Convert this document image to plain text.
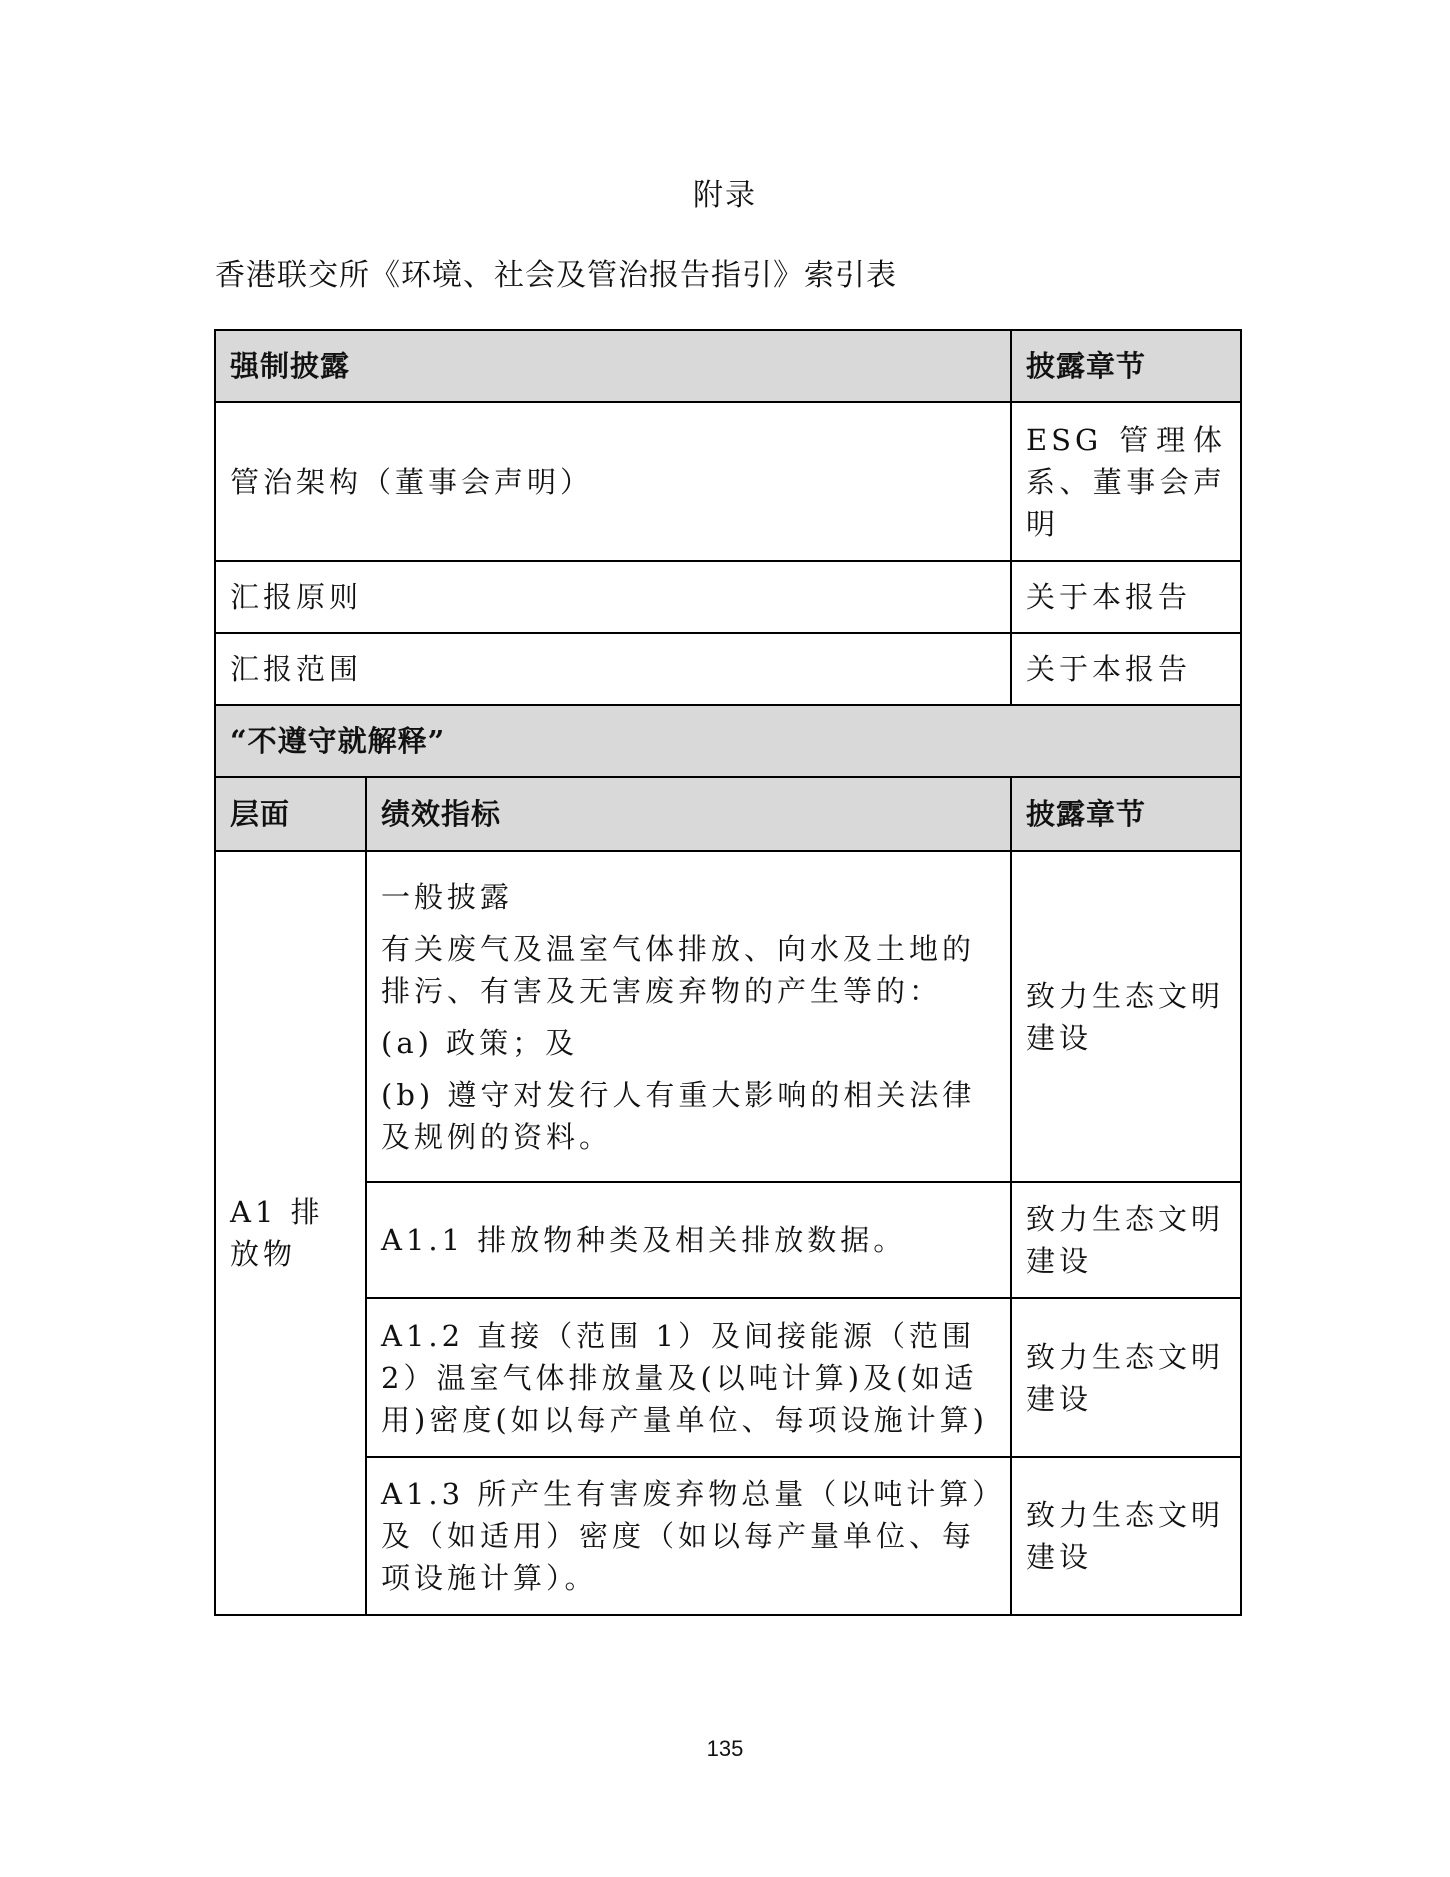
附录
香港联交所《环境、社会及管治报告指引》索引表
强制披露		披露章节
管治架构（董事会声明）		ESG 管理体系、董事会声明
汇报原则		关于本报告
汇报范围		关于本报告
“不遵守就解释”		
层面	绩效指标	披露章节
A1 排放物	一般披露
有关废气及温室气体排放、向水及土地的排污、有害及无害废弃物的产生等的：
(a) 政策；及
(b) 遵守对发行人有重大影响的相关法律及规例的资料。	致力生态文明建设
	A1.1 排放物种类及相关排放数据。	致力生态文明建设
	A1.2 直接（范围 1）及间接能源（范围 2）温室气体排放量及(以吨计算)及(如适用)密度(如以每产量单位、每项设施计算)	致力生态文明建设
	A1.3 所产生有害废弃物总量（以吨计算）及（如适用）密度（如以每产量单位、每项设施计算）。	致力生态文明建设
135
